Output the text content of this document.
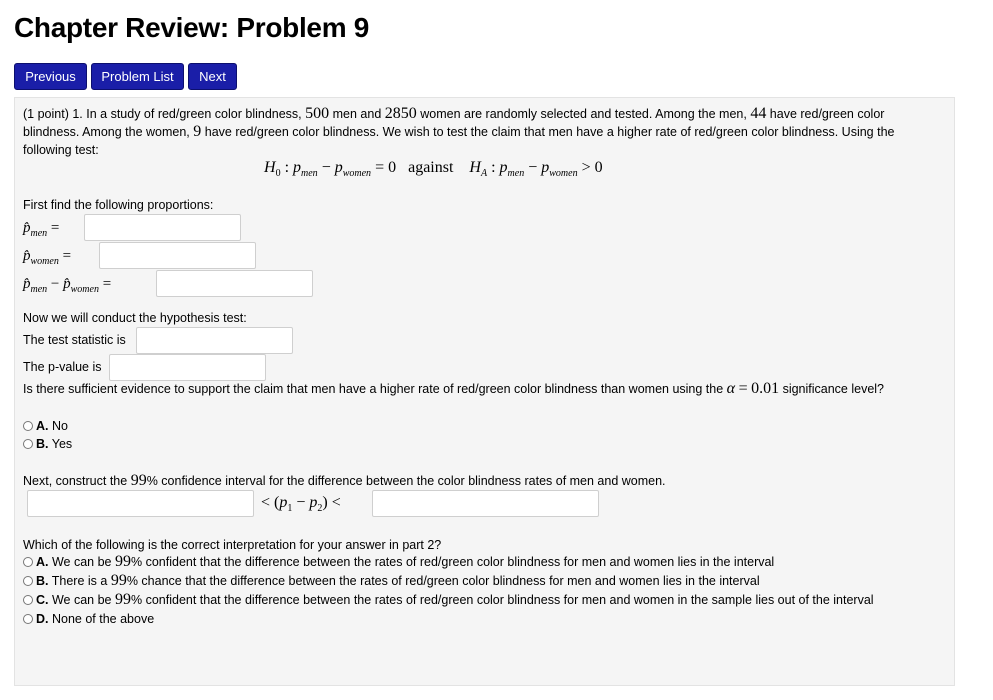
Chapter Review: Problem 9
Previous	Problem List	Next
(1 point) 1. In a study of red/green color blindness, 500 men and 2850 women are randomly selected and tested. Among the men, 44 have red/green color
blindness. Among the women, 9 have red/green color blindness. We wish to test the claim that men have a higher rate of red/green color blindness. Using the
following test:
$H_0$ : $p_{men} - p_{women} = 0$   against $H_A$ : $p_{men} - p_{women} > 0$
First find the following proportions:
$p̂_{men}$ =
$p̂_{women}$ =
$p̂_{men}$ − $p̂_{women}$ =
Now we will conduct the hypothesis test:
The test statistic is
The p-value is
Is there sufficient evidence to support the claim that men have a higher rate of red/green color blindness than women using the α = 0.01 significance level?
A. No
B. Yes
Next, construct the 99% confidence interval for the difference between the color blindness rates of men and women.
< $(p_1 - p_2)$ <
Which of the following is the correct interpretation for your answer in part 2?
A. We can be 99% confident that the difference between the rates of red/green color blindness for men and women lies in the interval
B. There is a 99% chance that the difference between the rates of red/green color blindness for men and women lies in the interval
C. We can be 99% confident that the difference between the rates of red/green color blindness for men and women in the sample lies out of the interval
D. None of the above
